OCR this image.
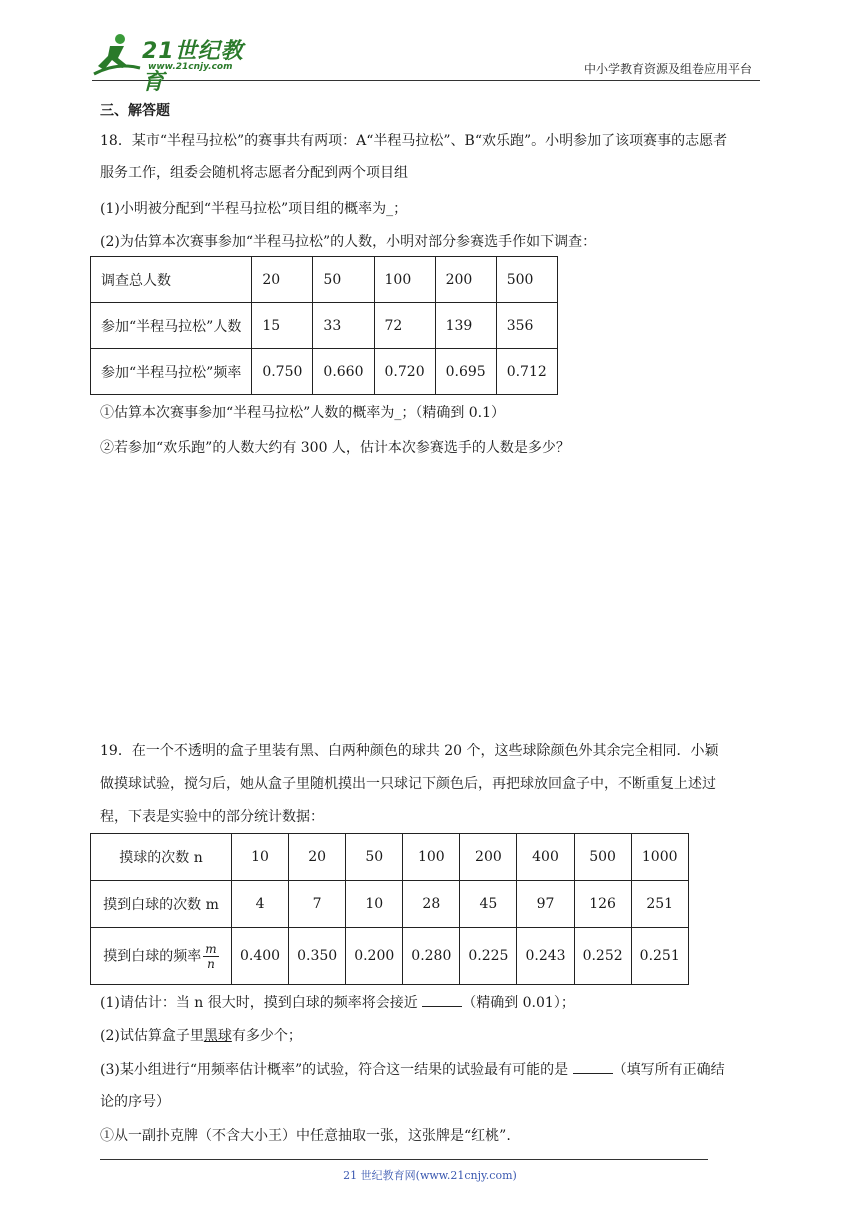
21世纪教育
www.21cnjy.com	中小学教育资源及组卷应用平台
三、解答题
18．某市“半程马拉松”的赛事共有两项：A“半程马拉松”、B“欢乐跑”。小明参加了该项赛事的志愿者
服务工作，组委会随机将志愿者分配到两个项目组
(1)小明被分配到“半程马拉松”项目组的概率为_；
(2)为估算本次赛事参加“半程马拉松”的人数，小明对部分参赛选手作如下调查：
调查总人数	20	50	100	200	500
参加“半程马拉松”人数	15	33	72	139	356
参加“半程马拉松”频率	0.750	0.660	0.720	0.695	0.712
①估算本次赛事参加“半程马拉松”人数的概率为_；（精确到 0.1）
②若参加“欢乐跑”的人数大约有 300 人，估计本次参赛选手的人数是多少？
19．在一个不透明的盒子里装有黑、白两种颜色的球共 20 个，这些球除颜色外其余完全相同．小颖
做摸球试验，搅匀后，她从盒子里随机摸出一只球记下颜色后，再把球放回盒子中，不断重复上述过
程，下表是实验中的部分统计数据：
摸球的次数 n	10	20	50	100	200	400	500	1000
摸到白球的次数 m	4	7	10	28	45	97	126	251
摸到白球的频率 $\frac{m}{n}$	0.400	0.350	0.200	0.280	0.225	0.243	0.252	0.251
(1)请估计：当 n 很大时，摸到白球的频率将会接近	（精确到 0.01）；
(2)试估算盒子里黑球有多少个；
(3)某小组进行“用频率估计概率”的试验，符合这一结果的试验最有可能的是	（填写所有正确结
论的序号）
①从一副扑克牌（不含大小王）中任意抽取一张，这张牌是“红桃”.
21 世纪教育网(www.21cnjy.com)
